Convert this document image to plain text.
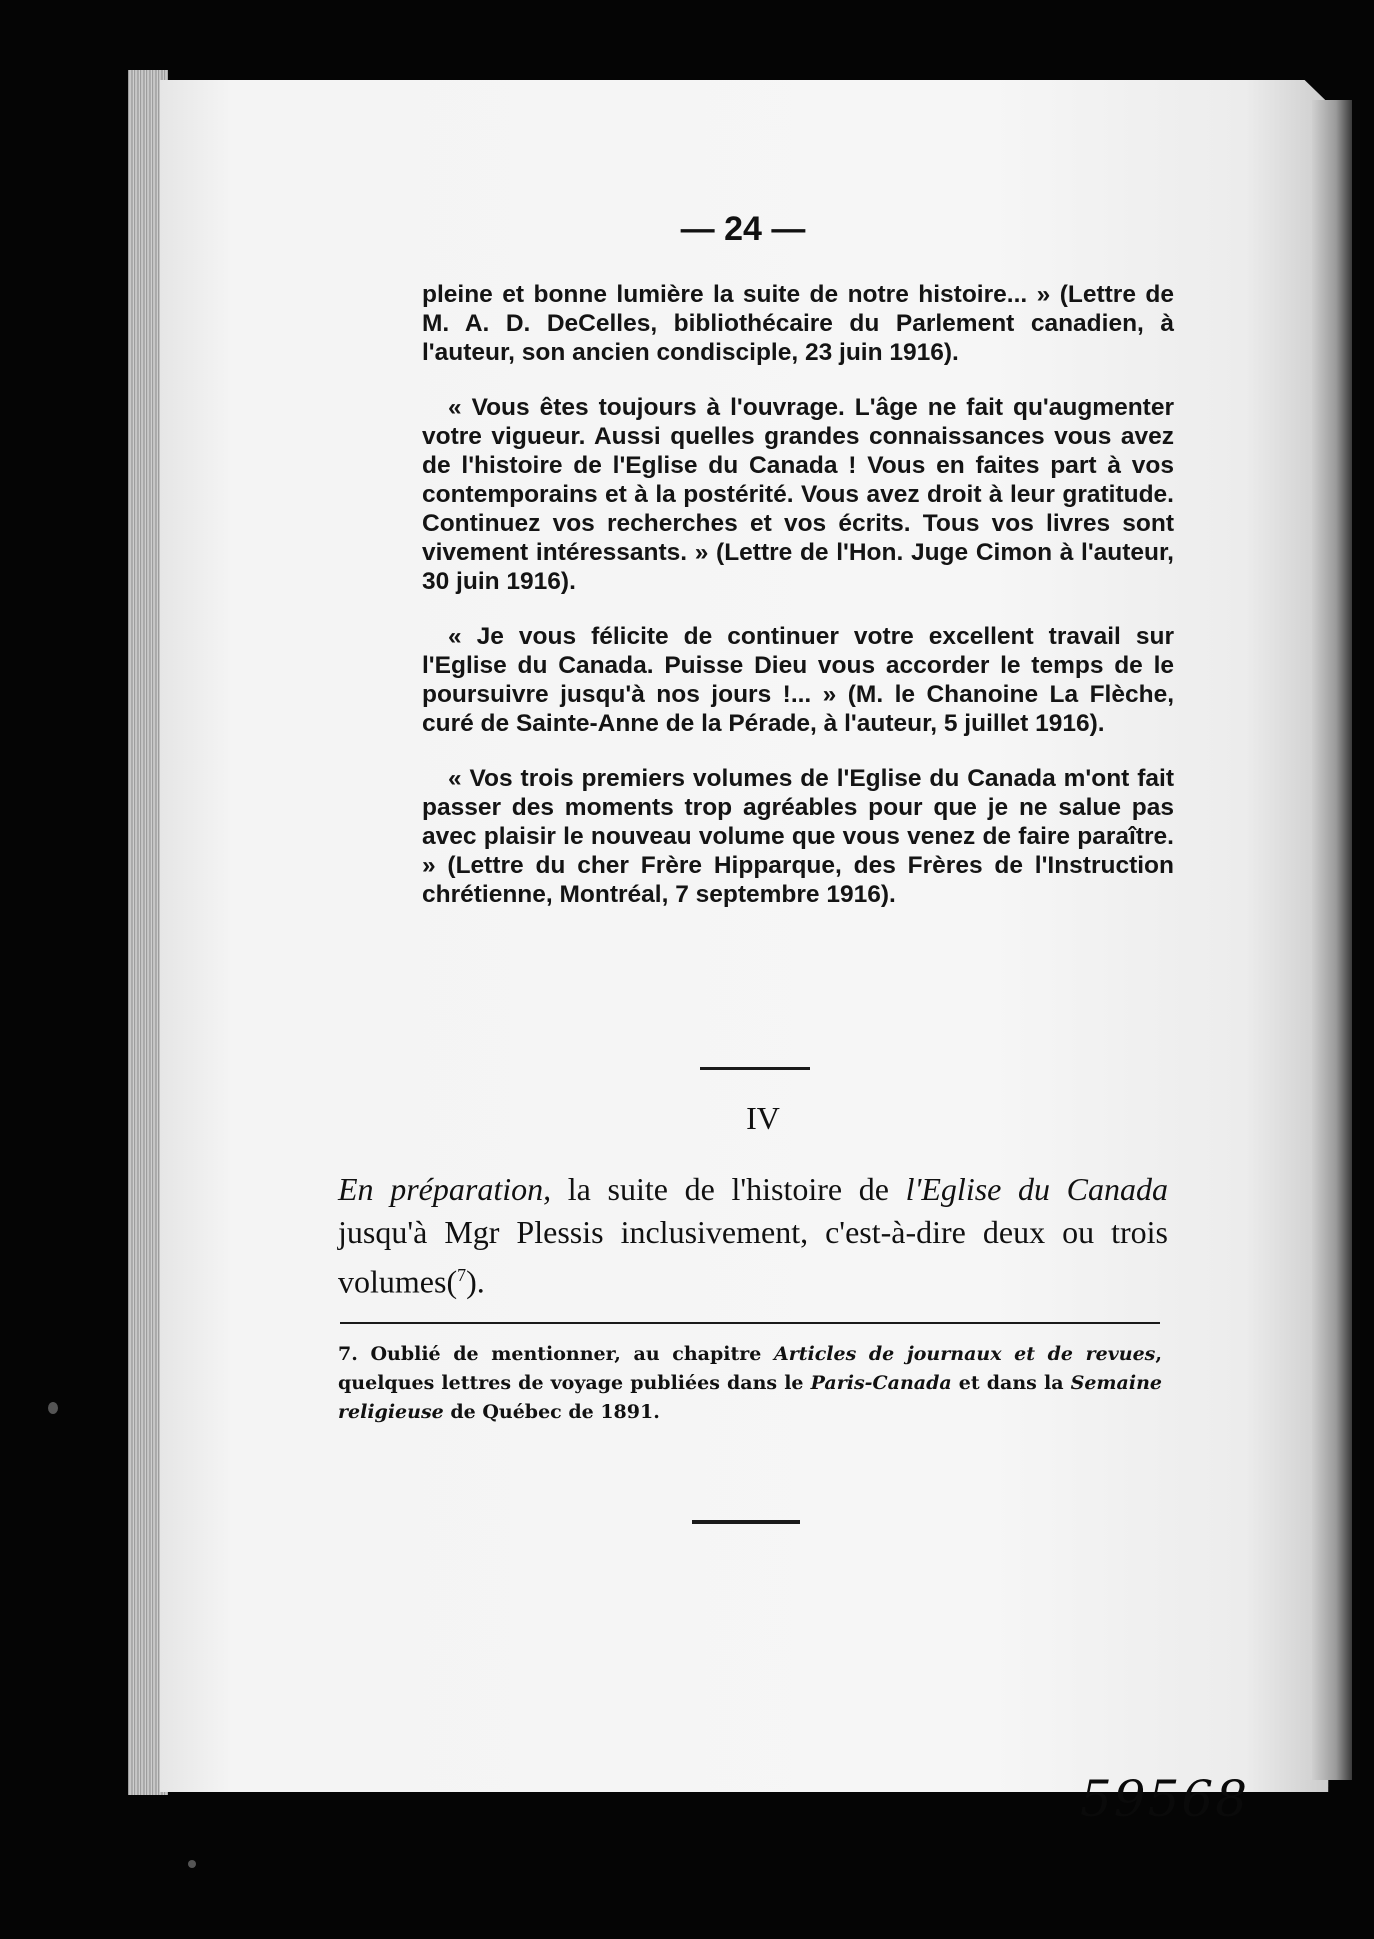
— 24 —

pleine et bonne lumière la suite de notre histoire... » (Lettre de M. A. D. DeCelles, bibliothécaire du Parlement canadien, à l'auteur, son ancien condisciple, 23 juin 1916).

« Vous êtes toujours à l'ouvrage. L'âge ne fait qu'augmenter votre vigueur. Aussi quelles grandes connaissances vous avez de l'histoire de l'Eglise du Canada ! Vous en faites part à vos contemporains et à la postérité. Vous avez droit à leur gratitude. Continuez vos recherches et vos écrits. Tous vos livres sont vivement intéressants. » (Lettre de l'Hon. Juge Cimon à l'auteur, 30 juin 1916).

« Je vous félicite de continuer votre excellent travail sur l'Eglise du Canada. Puisse Dieu vous accorder le temps de le poursuivre jusqu'à nos jours !... » (M. le Chanoine La Flèche, curé de Sainte-Anne de la Pérade, à l'auteur, 5 juillet 1916).

« Vos trois premiers volumes de l'Eglise du Canada m'ont fait passer des moments trop agréables pour que je ne salue pas avec plaisir le nouveau volume que vous venez de faire paraître. » (Lettre du cher Frère Hipparque, des Frères de l'Instruction chrétienne, Montréal, 7 septembre 1916).

IV
En préparation, la suite de l'histoire de l'Eglise du Canada jusqu'à Mgr Plessis inclusivement, c'est-à-dire deux ou trois volumes($^7$).
7. Oublié de mentionner, au chapitre Articles de journaux et de revues, quelques lettres de voyage publiées dans le Paris-Canada et dans la Semaine religieuse de Québec de 1891.
59568
